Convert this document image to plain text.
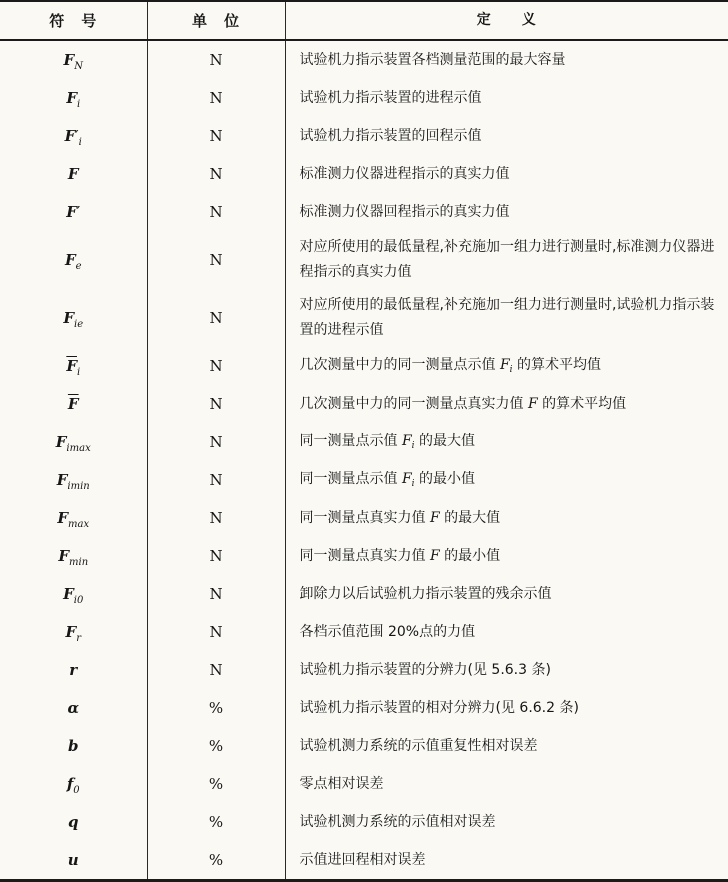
符　号	单　位	定　　义
$F_N$	N	试验机力指示装置各档测量范围的最大容量
$F_i$	N	试验机力指示装置的进程示值
$F'_i$	N	试验机力指示装置的回程示值
F	N	标准测力仪器进程指示的真实力值
F′	N	标准测力仪器回程指示的真实力值
$F_e$	N	对应所使用的最低量程,补充施加一组力进行测量时,标准测力仪器进程指示的真实力值
$F_{ie}$	N	对应所使用的最低量程,补充施加一组力进行测量时,试验机力指示装置的进程示值
$\overline{F}_i$	N	几次测量中力的同一测量点示值 $F_i$ 的算术平均值
$\overline{F}$	N	几次测量中力的同一测量点真实力值 F 的算术平均值
$F_{imax}$	N	同一测量点示值 $F_i$ 的最大值
$F_{imin}$	N	同一测量点示值 $F_i$ 的最小值
$F_{max}$	N	同一测量点真实力值 F 的最大值
$F_{min}$	N	同一测量点真实力值 F 的最小值
$F_{i0}$	N	卸除力以后试验机力指示装置的残余示值
$F_r$	N	各档示值范围 20%点的力值
r	N	试验机力指示装置的分辨力(见 5.6.3 条)
α	%	试验机力指示装置的相对分辨力(见 6.6.2 条)
b	%	试验机测力系统的示值重复性相对误差
$f_0$	%	零点相对误差
q	%	试验机测力系统的示值相对误差
u	%	示值进回程相对误差
